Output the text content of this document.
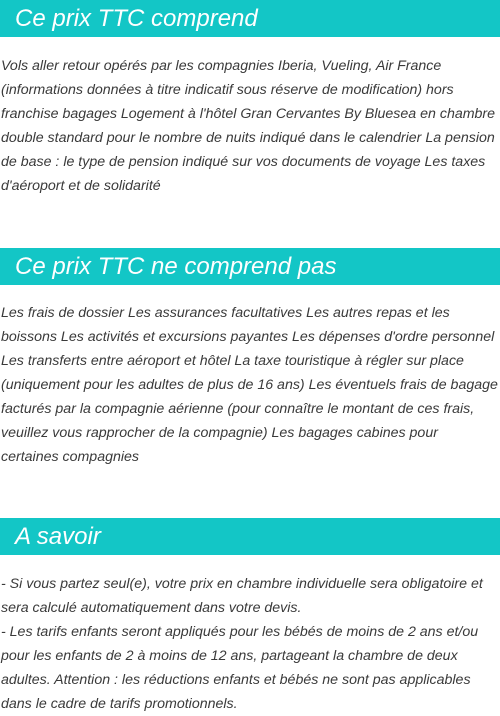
Ce prix TTC comprend

Vols aller retour opérés par les compagnies Iberia, Vueling, Air France (informations données à titre indicatif sous réserve de modification) hors franchise bagages Logement à l'hôtel Gran Cervantes By Bluesea en chambre double standard pour le nombre de nuits indiqué dans le calendrier La pension de base : le type de pension indiqué sur vos documents de voyage Les taxes d'aéroport et de solidarité

Ce prix TTC ne comprend pas

Les frais de dossier Les assurances facultatives Les autres repas et les boissons Les activités et excursions payantes Les dépenses d'ordre personnel Les transferts entre aéroport et hôtel La taxe touristique à régler sur place (uniquement pour les adultes de plus de 16 ans) Les éventuels frais de bagage facturés par la compagnie aérienne (pour connaître le montant de ces frais, veuillez vous rapprocher de la compagnie) Les bagages cabines pour certaines compagnies

A savoir

- Si vous partez seul(e), votre prix en chambre individuelle sera obligatoire et sera calculé automatiquement dans votre devis.

- Les tarifs enfants seront appliqués pour les bébés de moins de 2 ans et/ou pour les enfants de 2 à moins de 12 ans, partageant la chambre de deux adultes. Attention : les réductions enfants et bébés ne sont pas applicables dans le cadre de tarifs promotionnels.
